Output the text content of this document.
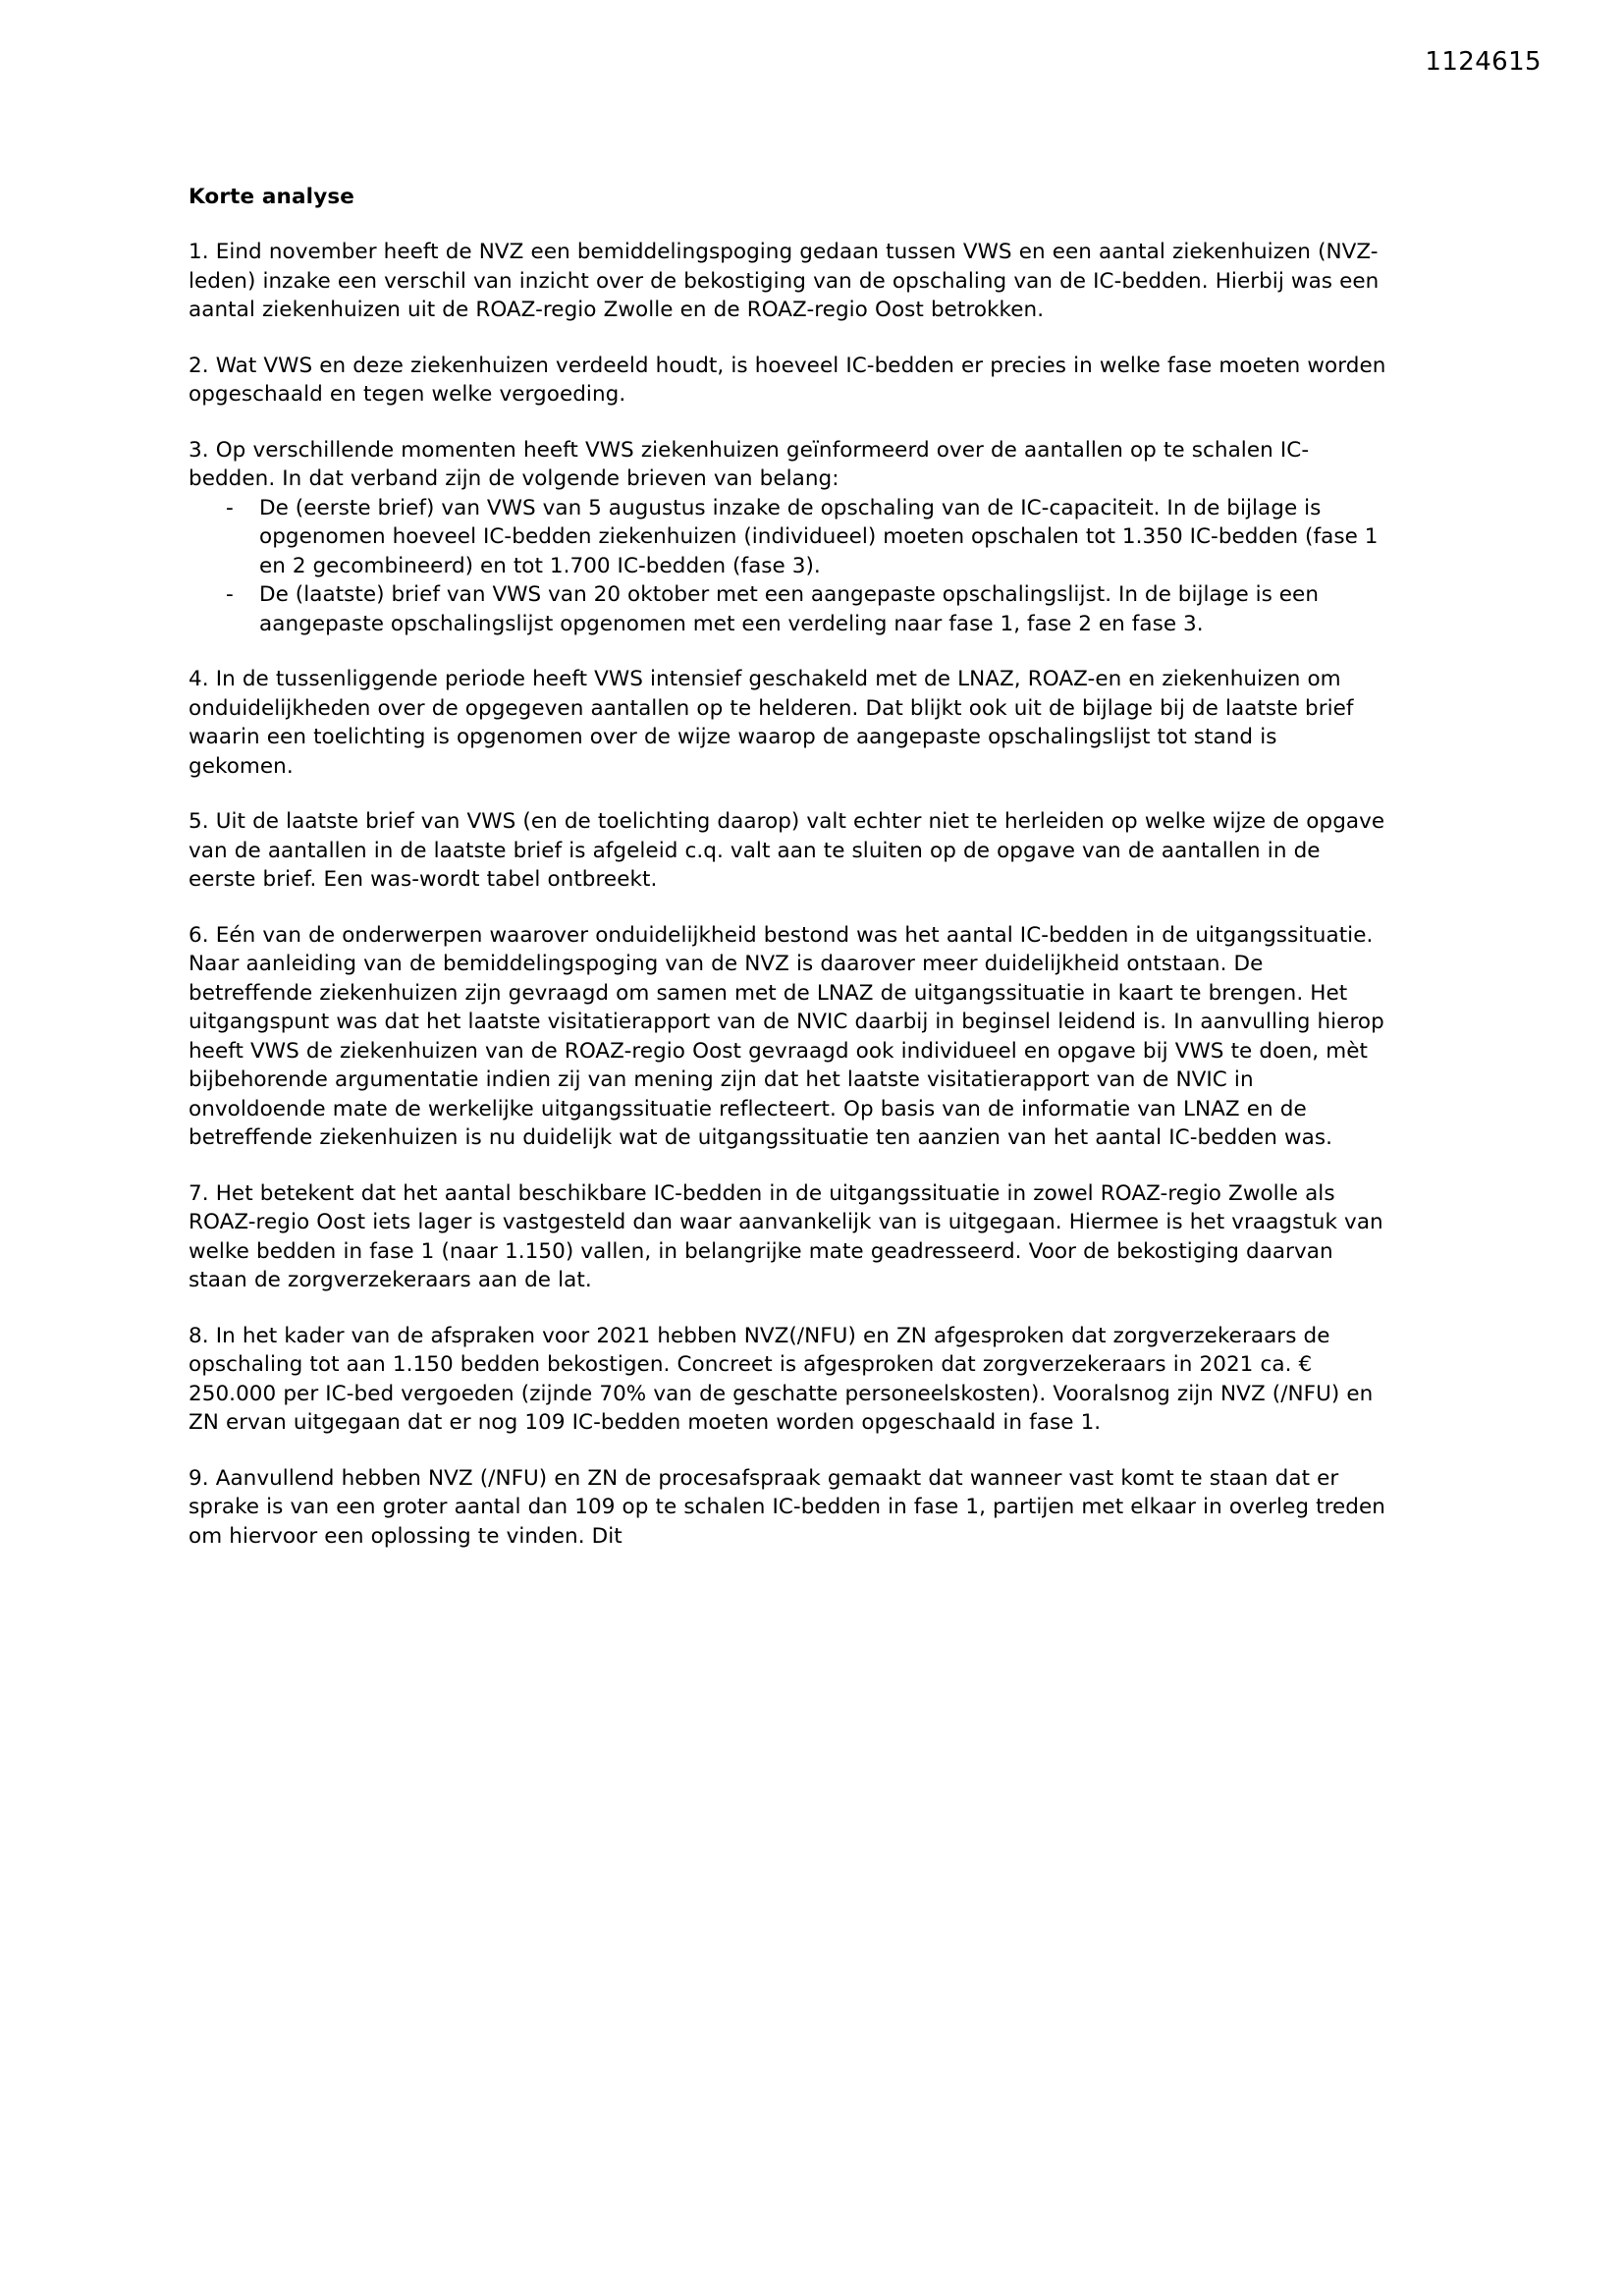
1124615
Korte analyse

1. Eind november heeft de NVZ een bemiddelingspoging gedaan tussen VWS en een aantal ziekenhuizen (NVZ-leden) inzake een verschil van inzicht over de bekostiging van de opschaling van de IC-bedden. Hierbij was een aantal ziekenhuizen uit de ROAZ-regio Zwolle en de ROAZ-regio Oost betrokken.

2. Wat VWS en deze ziekenhuizen verdeeld houdt, is hoeveel IC-bedden er precies in welke fase moeten worden opgeschaald en tegen welke vergoeding.

3. Op verschillende momenten heeft VWS ziekenhuizen geïnformeerd over de aantallen op te schalen IC-bedden. In dat verband zijn de volgende brieven van belang:

- De (eerste brief) van VWS van 5 augustus inzake de opschaling van de IC-capaciteit. In de bijlage is opgenomen hoeveel IC-bedden ziekenhuizen (individueel) moeten opschalen tot 1.350 IC-bedden (fase 1 en 2 gecombineerd) en tot 1.700 IC-bedden (fase 3).
- De (laatste) brief van VWS van 20 oktober met een aangepaste opschalingslijst. In de bijlage is een aangepaste opschalingslijst opgenomen met een verdeling naar fase 1, fase 2 en fase 3.

4. In de tussenliggende periode heeft VWS intensief geschakeld met de LNAZ, ROAZ-en en ziekenhuizen om onduidelijkheden over de opgegeven aantallen op te helderen. Dat blijkt ook uit de bijlage bij de laatste brief waarin een toelichting is opgenomen over de wijze waarop de aangepaste opschalingslijst tot stand is gekomen.

5. Uit de laatste brief van VWS (en de toelichting daarop) valt echter niet te herleiden op welke wijze de opgave van de aantallen in de laatste brief is afgeleid c.q. valt aan te sluiten op de opgave van de aantallen in de eerste brief. Een was-wordt tabel ontbreekt.

6. Eén van de onderwerpen waarover onduidelijkheid bestond was het aantal IC-bedden in de uitgangssituatie. Naar aanleiding van de bemiddelingspoging van de NVZ is daarover meer duidelijkheid ontstaan. De betreffende ziekenhuizen zijn gevraagd om samen met de LNAZ de uitgangssituatie in kaart te brengen. Het uitgangspunt was dat het laatste visitatierapport van de NVIC daarbij in beginsel leidend is. In aanvulling hierop heeft VWS de ziekenhuizen van de ROAZ-regio Oost gevraagd ook individueel en opgave bij VWS te doen, mèt bijbehorende argumentatie indien zij van mening zijn dat het laatste visitatierapport van de NVIC in onvoldoende mate de werkelijke uitgangssituatie reflecteert. Op basis van de informatie van LNAZ en de betreffende ziekenhuizen is nu duidelijk wat de uitgangssituatie ten aanzien van het aantal IC-bedden was.

7. Het betekent dat het aantal beschikbare IC-bedden in de uitgangssituatie in zowel ROAZ-regio Zwolle als ROAZ-regio Oost iets lager is vastgesteld dan waar aanvankelijk van is uitgegaan. Hiermee is het vraagstuk van welke bedden in fase 1 (naar 1.150) vallen, in belangrijke mate geadresseerd. Voor de bekostiging daarvan staan de zorgverzekeraars aan de lat.

8. In het kader van de afspraken voor 2021 hebben NVZ(/NFU) en ZN afgesproken dat zorgverzekeraars de opschaling tot aan 1.150 bedden bekostigen. Concreet is afgesproken dat zorgverzekeraars in 2021 ca. € 250.000 per IC-bed vergoeden (zijnde 70% van de geschatte personeelskosten). Vooralsnog zijn NVZ (/NFU) en ZN ervan uitgegaan dat er nog 109 IC-bedden moeten worden opgeschaald in fase 1.

9. Aanvullend hebben NVZ (/NFU) en ZN de procesafspraak gemaakt dat wanneer vast komt te staan dat er sprake is van een groter aantal dan 109 op te schalen IC-bedden in fase 1, partijen met elkaar in overleg treden om hiervoor een oplossing te vinden. Dit
